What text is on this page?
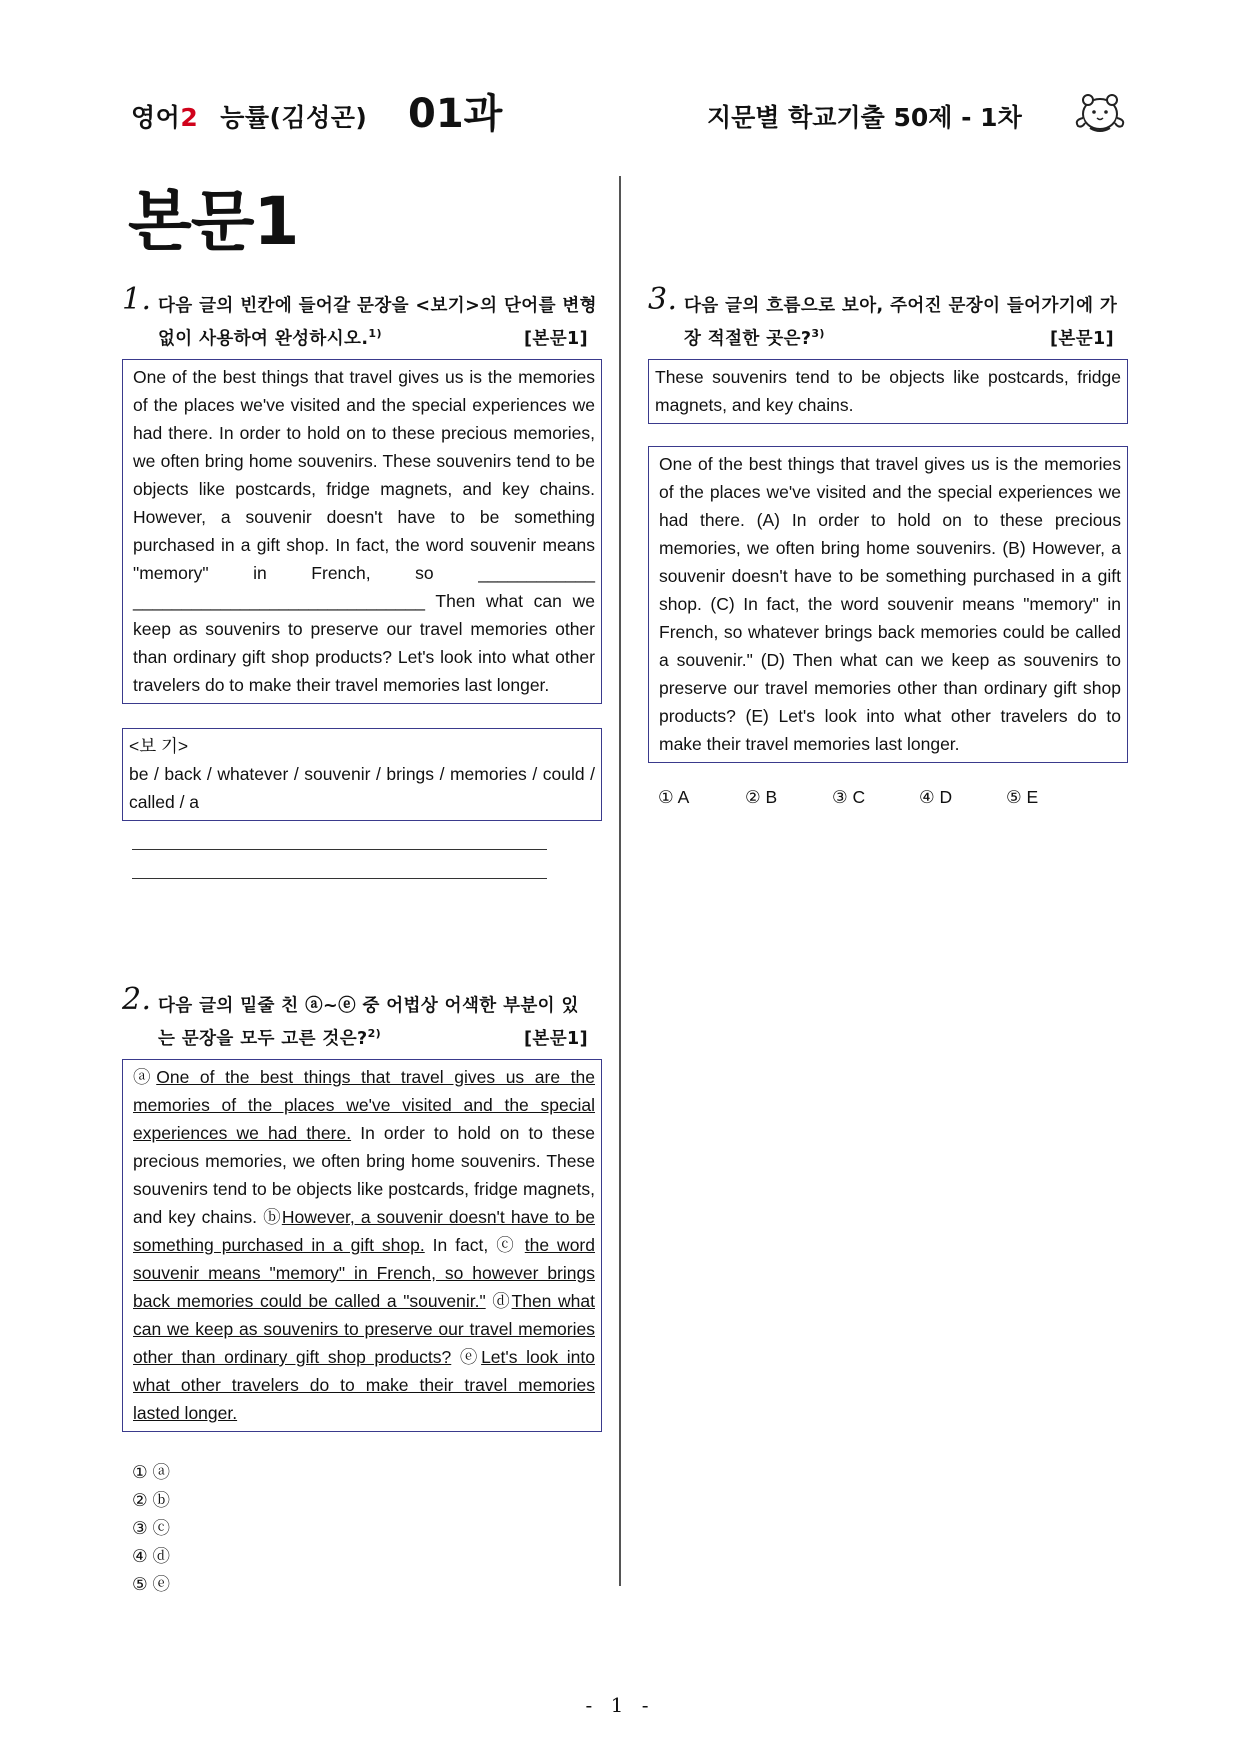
영어2 능률(김성곤) 01과	지문별 학교기출 50제 - 1차
본문1
1. 다음 글의 빈칸에 들어갈 문장을 <보기>의 단어를 변형
없이 사용하여 완성하시오.$^{1)}$	[본문1]

One of the best things that travel gives us is the memories of the places we've visited and the special experiences we had there. In order to hold on to these precious memories, we often bring home souvenirs. These souvenirs tend to be objects like postcards, fridge magnets, and key chains. However, a souvenir doesn't have to be something purchased in a gift shop. In fact, the word souvenir means "memory" in French, so	____________ ______________________________ Then what can we keep as souvenirs to preserve our travel memories other than ordinary gift shop products? Let's look into what other travelers do to make their travel memories last longer.

<보 기>

be / back / whatever / souvenir / brings / memories / could / called / a

2. 다음 글의 밑줄 친 ⓐ~ⓔ 중 어법상 어색한 부분이 있
는 문장을 모두 고른 것은?$^{2)}$	[본문1]

ⓐOne of the best things that travel gives us are the memories of the places we've visited and the special experiences we had there. In order to hold on to these precious memories, we often bring home souvenirs. These souvenirs tend to be objects like postcards, fridge magnets, and key chains. ⓑHowever, a souvenir doesn't have to be something purchased in a gift shop. In fact, ⓒ the word souvenir means "memory" in French, so however brings back memories could be called a "souvenir." ⓓThen what can we keep as souvenirs to preserve our travel memories other than ordinary gift shop products? ⓔLet's look into what other travelers do to make their travel memories lasted longer.

① ⓐ
② ⓑ
③ ⓒ
④ ⓓ
⑤ ⓔ
3. 다음 글의 흐름으로 보아, 주어진 문장이 들어가기에 가
장 적절한 곳은?$^{3)}$	[본문1]

These souvenirs tend to be objects like postcards, fridge magnets, and key chains.

One of the best things that travel gives us is the memories of the places we've visited and the special experiences we had there. (A) In order to hold on to these precious memories, we often bring home souvenirs. (B) However, a souvenir doesn't have to be something purchased in a gift shop. (C) In fact, the word souvenir means "memory" in French, so whatever brings back memories could be called a souvenir." (D) Then what can we keep as souvenirs to preserve our travel memories other than ordinary gift shop products? (E) Let's look into what other travelers do to make their travel memories last longer.

① A	② B	③ C	④ D	⑤ E
- 1 -
